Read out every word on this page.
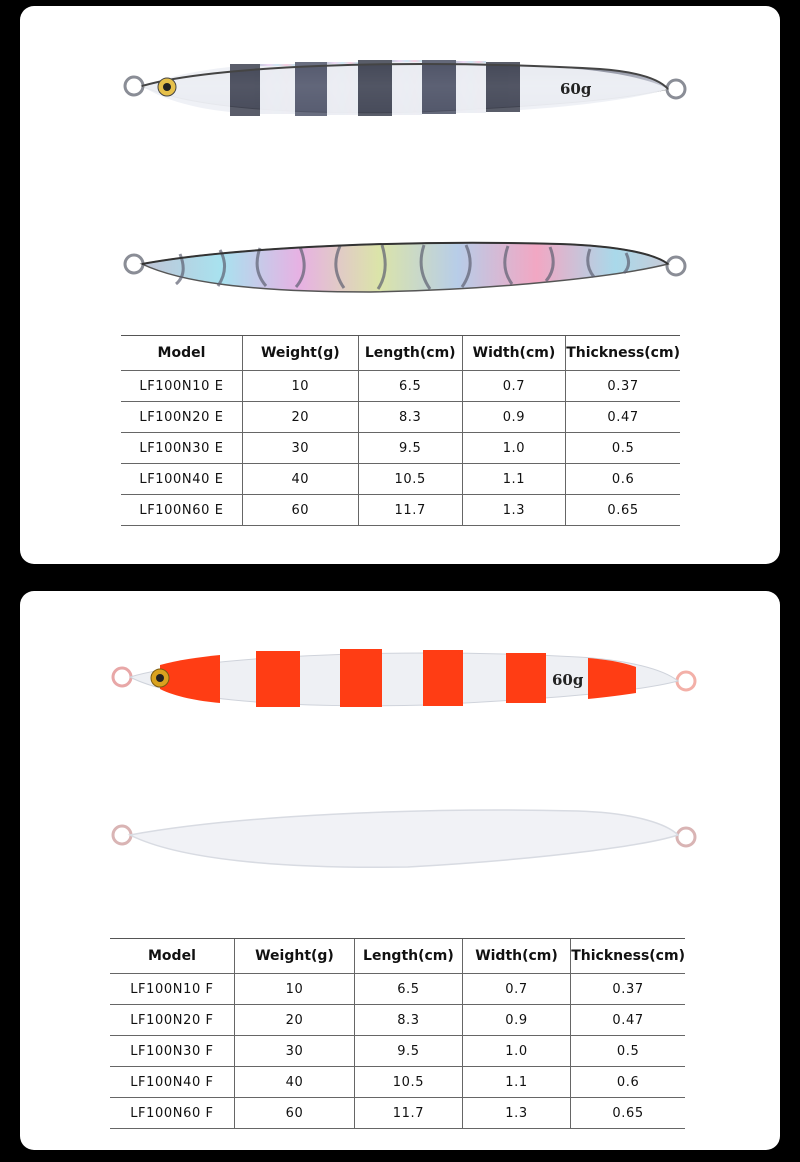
60g
Model	Weight(g)	Length(cm)	Width(cm)	Thickness(cm)
LF100N10 E	10	6.5	0.7	0.37
LF100N20 E	20	8.3	0.9	0.47
LF100N30 E	30	9.5	1.0	0.5
LF100N40 E	40	10.5	1.1	0.6
LF100N60 E	60	11.7	1.3	0.65
60g
Model	Weight(g)	Length(cm)	Width(cm)	Thickness(cm)
LF100N10 F	10	6.5	0.7	0.37
LF100N20 F	20	8.3	0.9	0.47
LF100N30 F	30	9.5	1.0	0.5
LF100N40 F	40	10.5	1.1	0.6
LF100N60 F	60	11.7	1.3	0.65
